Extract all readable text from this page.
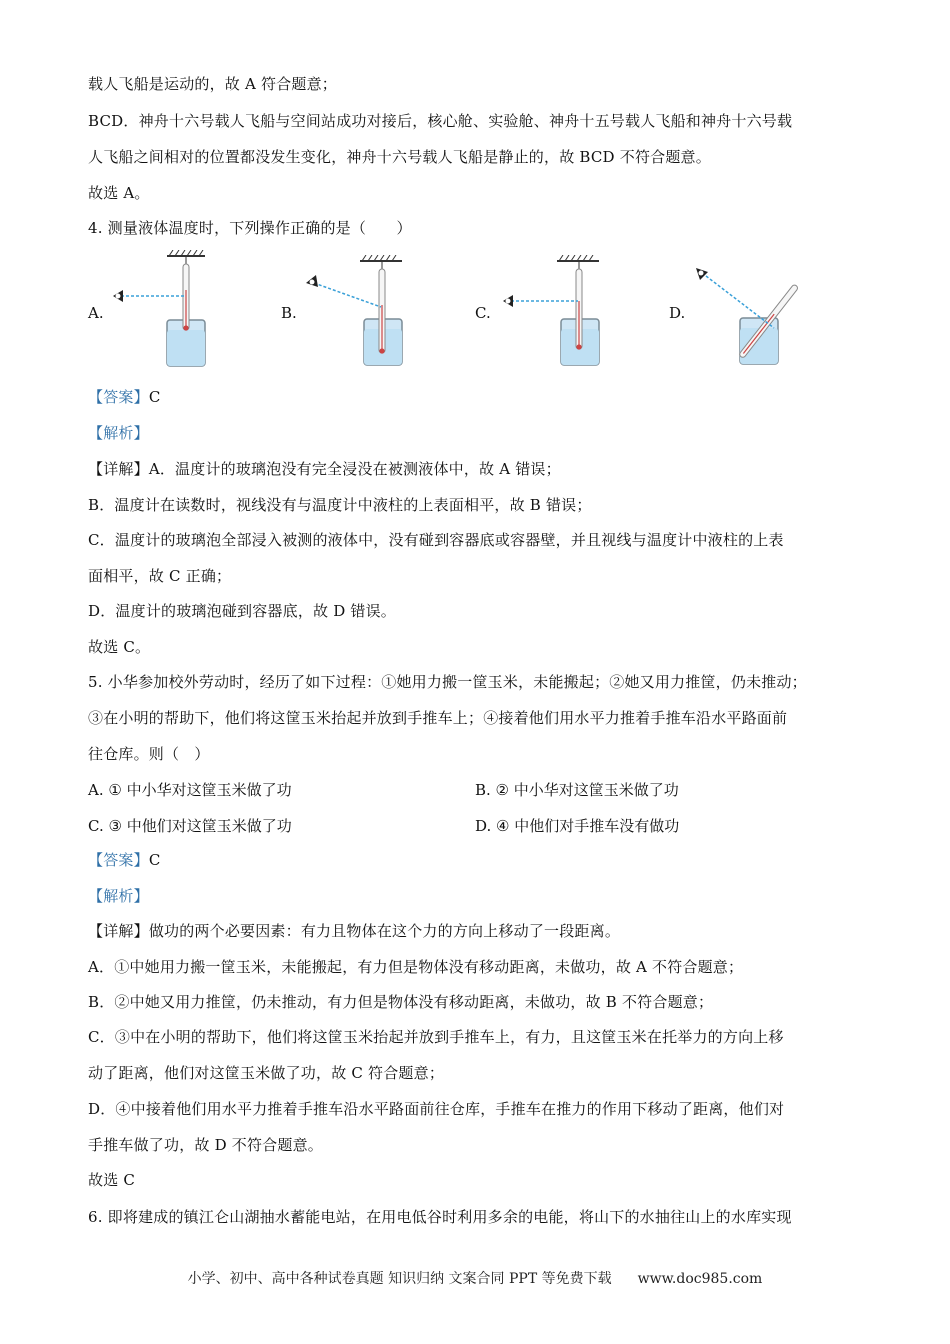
载人飞船是运动的，故 A 符合题意；
BCD．神舟十六号载人飞船与空间站成功对接后，核心舱、实验舱、神舟十五号载人飞船和神舟十六号载
人飞船之间相对的位置都没发生变化，神舟十六号载人飞船是静止的，故 BCD 不符合题意。
故选 A。
4. 测量液体温度时，下列操作正确的是（　　）
A.	B.	C.	D.
【答案】C
【解析】
【详解】A．温度计的玻璃泡没有完全浸没在被测液体中，故 A 错误；
B．温度计在读数时，视线没有与温度计中液柱的上表面相平，故 B 错误；
C．温度计的玻璃泡全部浸入被测的液体中，没有碰到容器底或容器壁，并且视线与温度计中液柱的上表
面相平，故 C 正确；
D．温度计的玻璃泡碰到容器底，故 D 错误。
故选 C。
5. 小华参加校外劳动时，经历了如下过程：①她用力搬一筐玉米，未能搬起；②她又用力推筐，仍未推动；
③在小明的帮助下，他们将这筐玉米抬起并放到手推车上；④接着他们用水平力推着手推车沿水平路面前
往仓库。则（　）
A. ① 中小华对这筐玉米做了功	B. ② 中小华对这筐玉米做了功
C. ③ 中他们对这筐玉米做了功	D. ④ 中他们对手推车没有做功
【答案】C
【解析】
【详解】做功的两个必要因素：有力且物体在这个力的方向上移动了一段距离。
A．①中她用力搬一筐玉米，未能搬起，有力但是物体没有移动距离，未做功，故 A 不符合题意；
B．②中她又用力推筐，仍未推动，有力但是物体没有移动距离，未做功，故 B 不符合题意；
C．③中在小明的帮助下，他们将这筐玉米抬起并放到手推车上，有力，且这筐玉米在托举力的方向上移
动了距离，他们对这筐玉米做了功，故 C 符合题意；
D．④中接着他们用水平力推着手推车沿水平路面前往仓库，手推车在推力的作用下移动了距离，他们对
手推车做了功，故 D 不符合题意。
故选 C
6. 即将建成的镇江仑山湖抽水蓄能电站，在用电低谷时利用多余的电能，将山下的水抽往山上的水库实现
小学、初中、高中各种试卷真题 知识归纳 文案合同 PPT 等免费下载 www.doc985.com
